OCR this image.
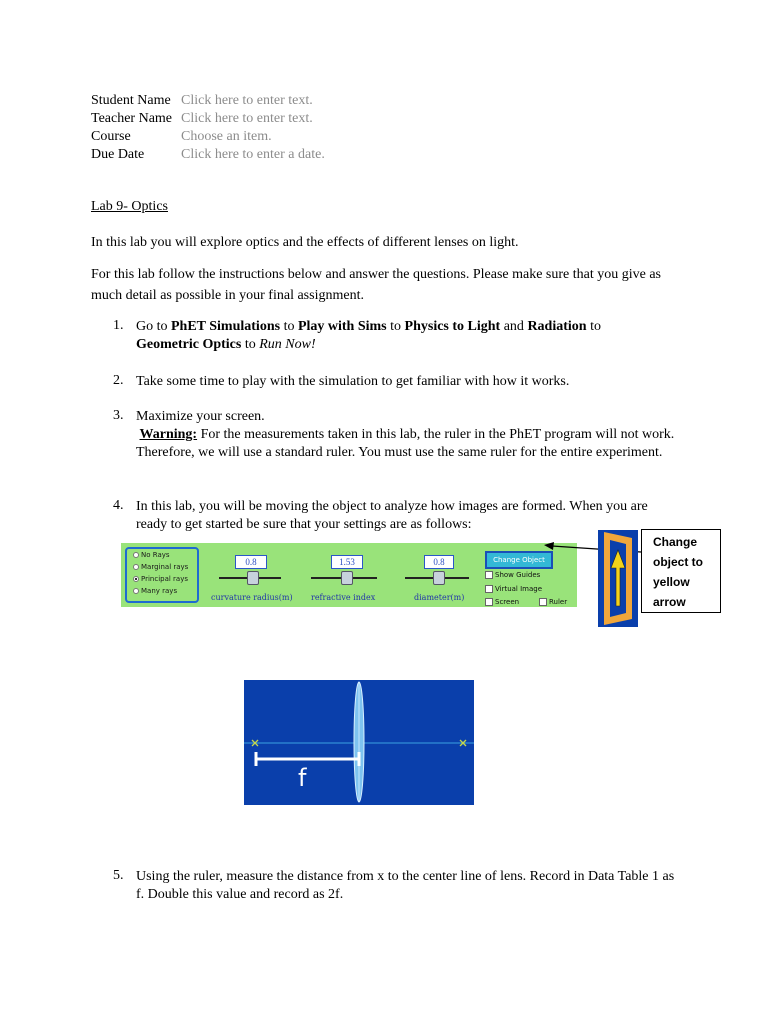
Student Name Click here to enter text.
Teacher Name Click here to enter text.
Course	Choose an item.
Due Date	Click here to enter a date.
Lab 9- Optics
In this lab you will explore optics and the effects of different lenses on light.
For this lab follow the instructions below and answer the questions. Please make sure that you give as much detail as possible in your final assignment.
1. Go to PhET Simulations to Play with Sims to Physics to Light and Radiation to
Geometric Optics to Run Now!
2. Take some time to play with the simulation to get familiar with how it works.
3. Maximize your screen.
Warning: For the measurements taken in this lab, the ruler in the PhET program will not work. Therefore, we will use a standard ruler. You must use the same ruler for the entire experiment.
4. In this lab, you will be moving the object to analyze how images are formed. When you are ready to get started be sure that your settings are as follows:
No Rays
Marginal rays
Principal rays
Many rays
0.8
curvature radius(m)
1.53
refractive index
0.8
diameter(m)
Change Object
Show Guides
Virtual Image
Screen	Ruler
Change
object to
yellow
arrow
f
5. Using the ruler, measure the distance from x to the center line of lens. Record in Data Table 1 as f. Double this value and record as 2f.
